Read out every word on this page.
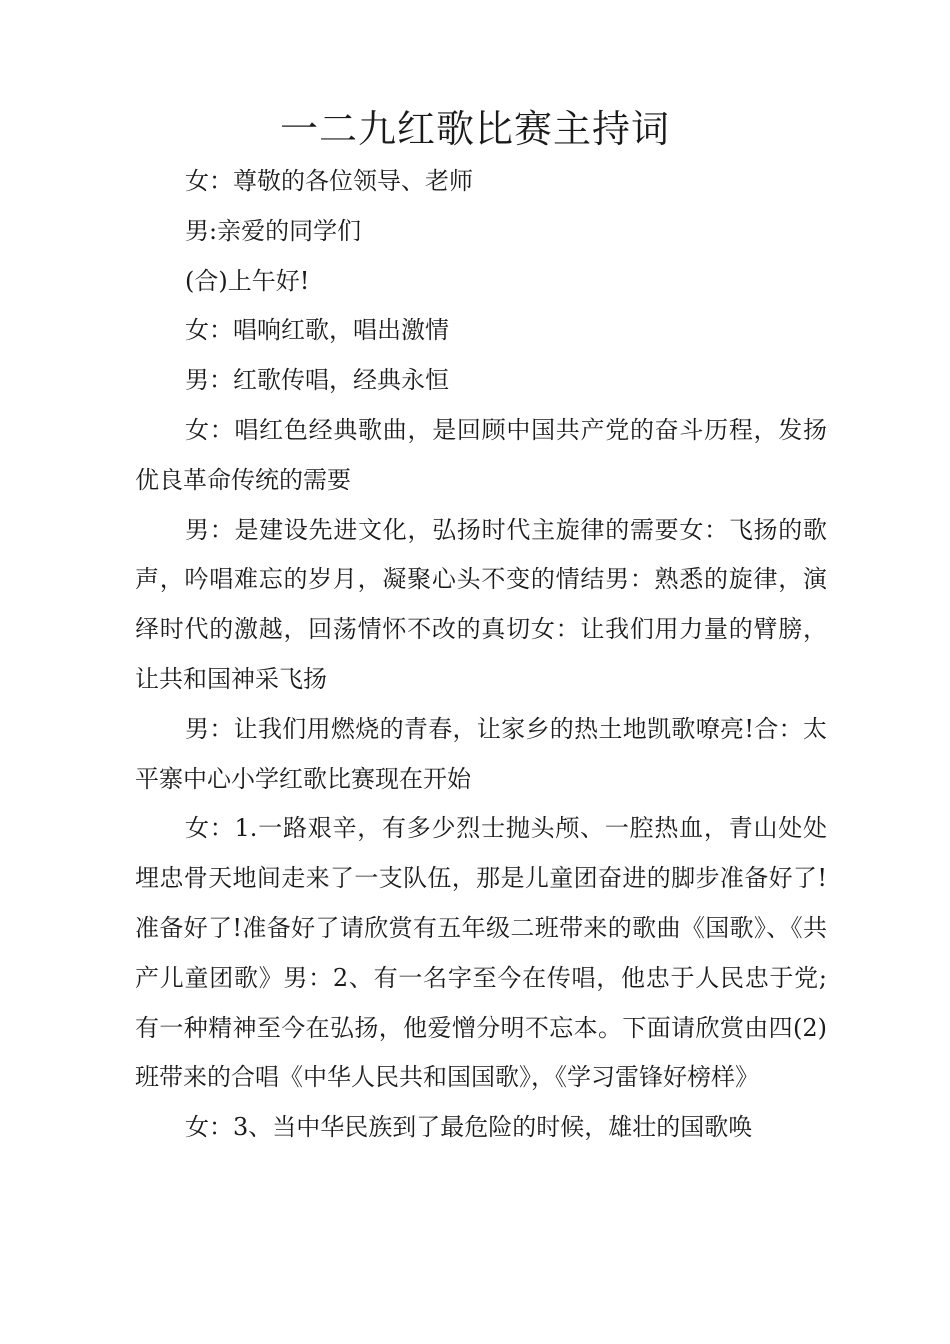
一二九红歌比赛主持词

女：尊敬的各位领导、老师

男:亲爱的同学们

(合)上午好!

女：唱响红歌，唱出激情

男：红歌传唱，经典永恒

女：唱红色经典歌曲，是回顾中国共产党的奋斗历程，发扬优良革命传统的需要

男：是建设先进文化，弘扬时代主旋律的需要女：飞扬的歌声，吟唱难忘的岁月，凝聚心头不变的情结男：熟悉的旋律，演绎时代的激越，回荡情怀不改的真切女：让我们用力量的臂膀，让共和国神采飞扬

男：让我们用燃烧的青春，让家乡的热土地凯歌嘹亮!合：太平寨中心小学红歌比赛现在开始

女：1.一路艰辛，有多少烈士抛头颅、一腔热血，青山处处埋忠骨天地间走来了一支队伍，那是儿童团奋进的脚步准备好了!准备好了!准备好了请欣赏有五年级二班带来的歌曲《国歌》、《共产儿童团歌》男：2、有一名字至今在传唱，他忠于人民忠于党;有一种精神至今在弘扬，他爱憎分明不忘本。下面请欣赏由四(2)班带来的合唱《中华人民共和国国歌》，《学习雷锋好榜样》

女：3、当中华民族到了最危险的时候，雄壮的国歌唤
